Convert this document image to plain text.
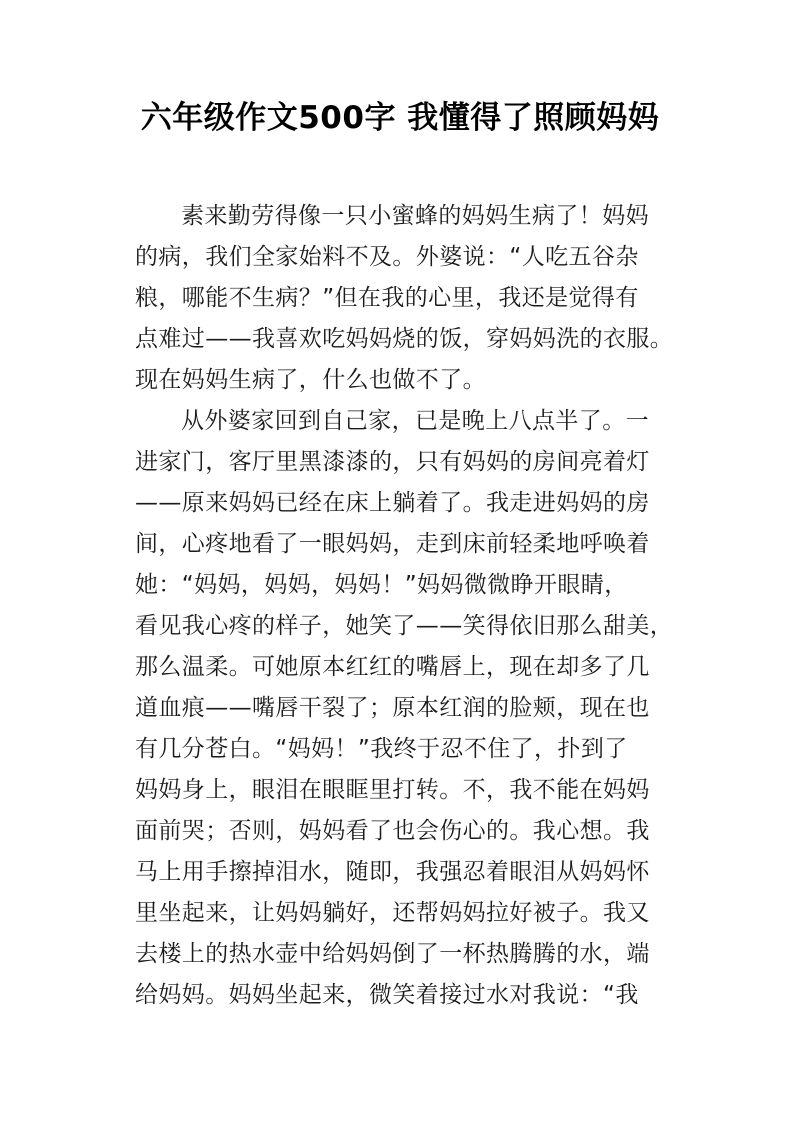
六年级作文500字 我懂得了照顾妈妈
素来勤劳得像一只小蜜蜂的妈妈生病了！妈妈
的病，我们全家始料不及。外婆说：“人吃五谷杂
粮，哪能不生病？”但在我的心里，我还是觉得有
点难过——我喜欢吃妈妈烧的饭，穿妈妈洗的衣服。
现在妈妈生病了，什么也做不了。
从外婆家回到自己家，已是晚上八点半了。一
进家门，客厅里黑漆漆的，只有妈妈的房间亮着灯
——原来妈妈已经在床上躺着了。我走进妈妈的房
间，心疼地看了一眼妈妈，走到床前轻柔地呼唤着
她：“妈妈，妈妈，妈妈！”妈妈微微睁开眼睛，
看见我心疼的样子，她笑了——笑得依旧那么甜美，
那么温柔。可她原本红红的嘴唇上，现在却多了几
道血痕——嘴唇干裂了；原本红润的脸颊，现在也
有几分苍白。“妈妈！”我终于忍不住了，扑到了
妈妈身上，眼泪在眼眶里打转。不，我不能在妈妈
面前哭；否则，妈妈看了也会伤心的。我心想。我
马上用手擦掉泪水，随即，我强忍着眼泪从妈妈怀
里坐起来，让妈妈躺好，还帮妈妈拉好被子。我又
去楼上的热水壶中给妈妈倒了一杯热腾腾的水，端
给妈妈。妈妈坐起来，微笑着接过水对我说：“我
